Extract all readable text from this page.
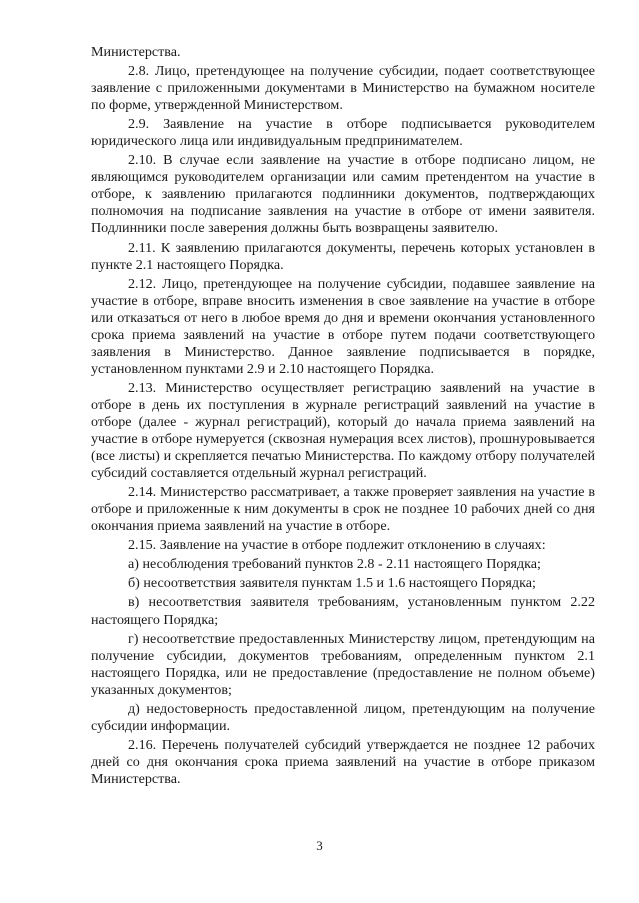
Министерства.

2.8. Лицо, претендующее на получение субсидии, подает соответствующее заявление с приложенными документами в Министерство на бумажном носителе по форме, утвержденной Министерством.

2.9. Заявление на участие в отборе подписывается руководителем юридического лица или индивидуальным предпринимателем.

2.10. В случае если заявление на участие в отборе подписано лицом, не являющимся руководителем организации или самим претендентом на участие в отборе, к заявлению прилагаются подлинники документов, подтверждающих полномочия на подписание заявления на участие в отборе от имени заявителя. Подлинники после заверения должны быть возвращены заявителю.

2.11. К заявлению прилагаются документы, перечень которых установлен в пункте 2.1 настоящего Порядка.

2.12. Лицо, претендующее на получение субсидии, подавшее заявление на участие в отборе, вправе вносить изменения в свое заявление на участие в отборе или отказаться от него в любое время до дня и времени окончания установленного срока приема заявлений на участие в отборе путем подачи соответствующего заявления в Министерство. Данное заявление подписывается в порядке, установленном пунктами 2.9 и 2.10 настоящего Порядка.

2.13. Министерство осуществляет регистрацию заявлений на участие в отборе в день их поступления в журнале регистраций заявлений на участие в отборе (далее - журнал регистраций), который до начала приема заявлений на участие в отборе нумеруется (сквозная нумерация всех листов), прошнуровывается (все листы) и скрепляется печатью Министерства. По каждому отбору получателей субсидий составляется отдельный журнал регистраций.

2.14. Министерство рассматривает, а также проверяет заявления на участие в отборе и приложенные к ним документы в срок не позднее 10 рабочих дней со дня окончания приема заявлений на участие в отборе.

2.15. Заявление на участие в отборе подлежит отклонению в случаях:

а) несоблюдения требований пунктов 2.8 - 2.11 настоящего Порядка;

б) несоответствия заявителя пунктам 1.5 и 1.6 настоящего Порядка;

в) несоответствия заявителя требованиям, установленным пунктом 2.22 настоящего Порядка;

г) несоответствие предоставленных Министерству лицом, претендующим на получение субсидии, документов требованиям, определенным пунктом 2.1 настоящего Порядка, или не предоставление (предоставление не полном объеме) указанных документов;

д) недостоверность предоставленной лицом, претендующим на получение субсидии информации.

2.16. Перечень получателей субсидий утверждается не позднее 12 рабочих дней со дня окончания срока приема заявлений на участие в отборе приказом Министерства.

3
